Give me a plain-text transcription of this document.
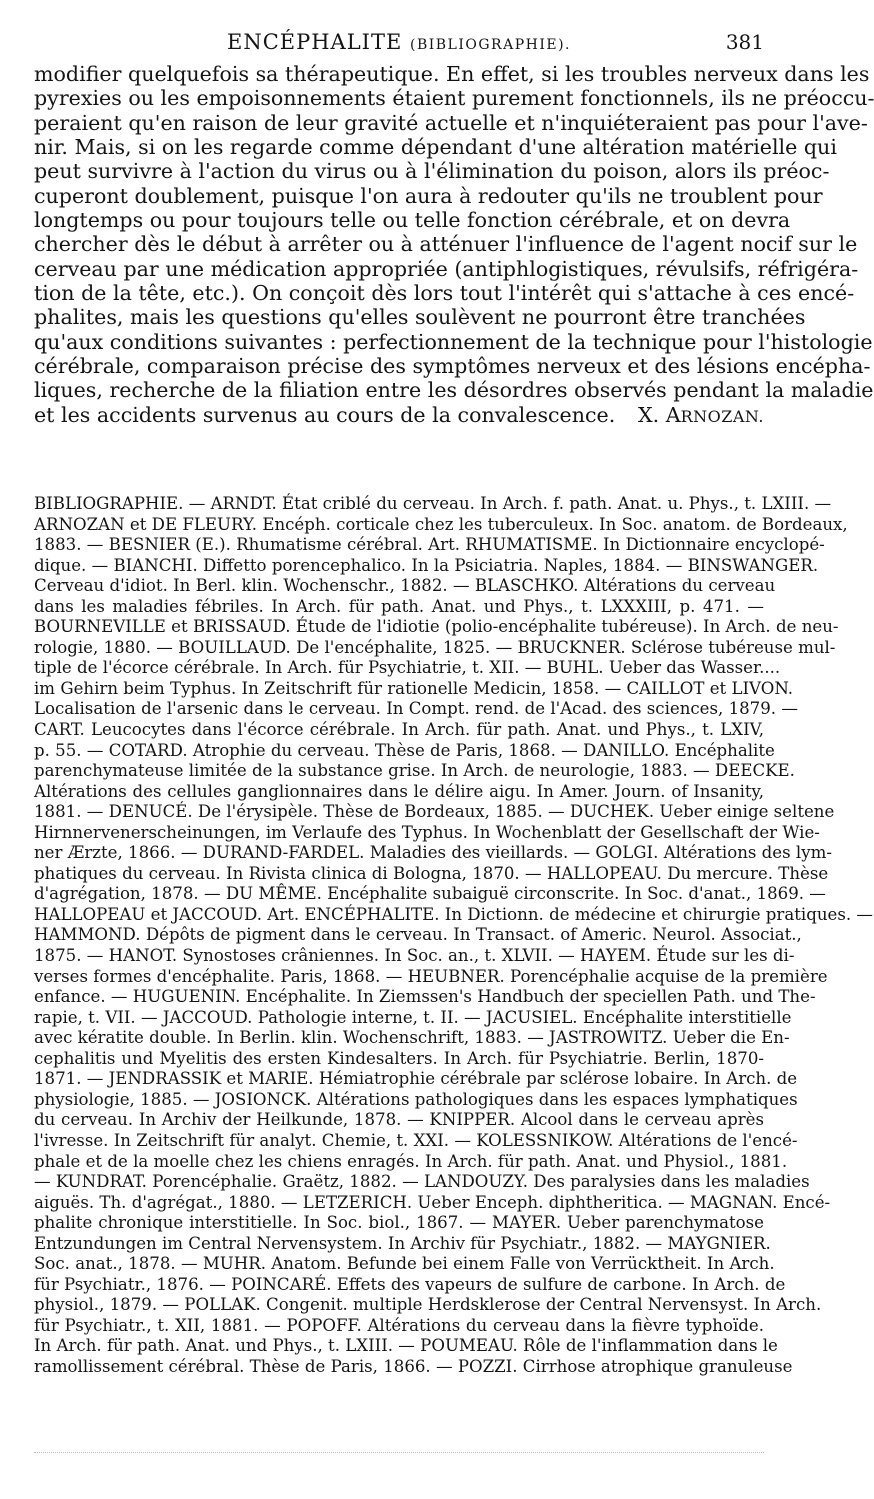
ENCÉPHALITE (BIBLIOGRAPHIE).	381
modifier quelquefois sa thérapeutique. En effet, si les troubles nerveux dans les
pyrexies ou les empoisonnements étaient purement fonctionnels, ils ne préoccu-
peraient qu'en raison de leur gravité actuelle et n'inquiéteraient pas pour l'ave-
nir. Mais, si on les regarde comme dépendant d'une altération matérielle qui
peut survivre à l'action du virus ou à l'élimination du poison, alors ils préoc-
cuperont doublement, puisque l'on aura à redouter qu'ils ne troublent pour
longtemps ou pour toujours telle ou telle fonction cérébrale, et on devra
chercher dès le début à arrêter ou à atténuer l'influence de l'agent nocif sur le
cerveau par une médication appropriée (antiphlogistiques, révulsifs, réfrigéra-
tion de la tête, etc.). On conçoit dès lors tout l'intérêt qui s'attache à ces encé-
phalites, mais les questions qu'elles soulèvent ne pourront être tranchées
qu'aux conditions suivantes : perfectionnement de la technique pour l'histologie
cérébrale, comparaison précise des symptômes nerveux et des lésions encépha-
liques, recherche de la filiation entre les désordres observés pendant la maladie
et les accidents survenus au cours de la convalescence. X. ARNOZAN.
BIBLIOGRAPHIE. — ARNDT. État criblé du cerveau. In Arch. f. path. Anat. u. Phys., t. LXIII. —
ARNOZAN et DE FLEURY. Encéph. corticale chez les tuberculeux. In Soc. anatom. de Bordeaux,
1883. — BESNIER (E.). Rhumatisme cérébral. Art. RHUMATISME. In Dictionnaire encyclopé-
dique. — BIANCHI. Diffetto porencephalico. In la Psiciatria. Naples, 1884. — BINSWANGER.
Cerveau d'idiot. In Berl. klin. Wochenschr., 1882. — BLASCHKO. Altérations du cerveau
dans les maladies fébriles. In Arch. für path. Anat. und Phys., t. LXXXIII, p. 471. —
BOURNEVILLE et BRISSAUD. Étude de l'idiotie (polio-encéphalite tubéreuse). In Arch. de neu-
rologie, 1880. — BOUILLAUD. De l'encéphalite, 1825. — BRUCKNER. Sclérose tubéreuse mul-
tiple de l'écorce cérébrale. In Arch. für Psychiatrie, t. XII. — BUHL. Ueber das Wasser....
im Gehirn beim Typhus. In Zeitschrift für rationelle Medicin, 1858. — CAILLOT et LIVON.
Localisation de l'arsenic dans le cerveau. In Compt. rend. de l'Acad. des sciences, 1879. —
CART. Leucocytes dans l'écorce cérébrale. In Arch. für path. Anat. und Phys., t. LXIV,
p. 55. — COTARD. Atrophie du cerveau. Thèse de Paris, 1868. — DANILLO. Encéphalite
parenchymateuse limitée de la substance grise. In Arch. de neurologie, 1883. — DEECKE.
Altérations des cellules ganglionnaires dans le délire aigu. In Amer. Journ. of Insanity,
1881. — DENUCÉ. De l'érysipèle. Thèse de Bordeaux, 1885. — DUCHEK. Ueber einige seltene
Hirnnervenerscheinungen, im Verlaufe des Typhus. In Wochenblatt der Gesellschaft der Wie-
ner Ærzte, 1866. — DURAND-FARDEL. Maladies des vieillards. — GOLGI. Altérations des lym-
phatiques du cerveau. In Rivista clinica di Bologna, 1870. — HALLOPEAU. Du mercure. Thèse
d'agrégation, 1878. — DU MÊME. Encéphalite subaiguë circonscrite. In Soc. d'anat., 1869. —
HALLOPEAU et JACCOUD. Art. ENCÉPHALITE. In Dictionn. de médecine et chirurgie pratiques. —
HAMMOND. Dépôts de pigment dans le cerveau. In Transact. of Americ. Neurol. Associat.,
1875. — HANOT. Synostoses crâniennes. In Soc. an., t. XLVII. — HAYEM. Étude sur les di-
verses formes d'encéphalite. Paris, 1868. — HEUBNER. Porencéphalie acquise de la première
enfance. — HUGUENIN. Encéphalite. In Ziemssen's Handbuch der speciellen Path. und The-
rapie, t. VII. — JACCOUD. Pathologie interne, t. II. — JACUSIEL. Encéphalite interstitielle
avec kératite double. In Berlin. klin. Wochenschrift, 1883. — JASTROWITZ. Ueber die En-
cephalitis und Myelitis des ersten Kindesalters. In Arch. für Psychiatrie. Berlin, 1870-
1871. — JENDRASSIK et MARIE. Hémiatrophie cérébrale par sclérose lobaire. In Arch. de
physiologie, 1885. — JOSIONCK. Altérations pathologiques dans les espaces lymphatiques
du cerveau. In Archiv der Heilkunde, 1878. — KNIPPER. Alcool dans le cerveau après
l'ivresse. In Zeitschrift für analyt. Chemie, t. XXI. — KOLESSNIKOW. Altérations de l'encé-
phale et de la moelle chez les chiens enragés. In Arch. für path. Anat. und Physiol., 1881.
— KUNDRAT. Porencéphalie. Graëtz, 1882. — LANDOUZY. Des paralysies dans les maladies
aiguës. Th. d'agrégat., 1880. — LETZERICH. Ueber Enceph. diphtheritica. — MAGNAN. Encé-
phalite chronique interstitielle. In Soc. biol., 1867. — MAYER. Ueber parenchymatose
Entzundungen im Central Nervensystem. In Archiv für Psychiatr., 1882. — MAYGNIER.
Soc. anat., 1878. — MUHR. Anatom. Befunde bei einem Falle von Verrücktheit. In Arch.
für Psychiatr., 1876. — POINCARÉ. Effets des vapeurs de sulfure de carbone. In Arch. de
physiol., 1879. — POLLAK. Congenit. multiple Herdsklerose der Central Nervensyst. In Arch.
für Psychiatr., t. XII, 1881. — POPOFF. Altérations du cerveau dans la fièvre typhoïde.
In Arch. für path. Anat. und Phys., t. LXIII. — POUMEAU. Rôle de l'inflammation dans le
ramollissement cérébral. Thèse de Paris, 1866. — POZZI. Cirrhose atrophique granuleuse
